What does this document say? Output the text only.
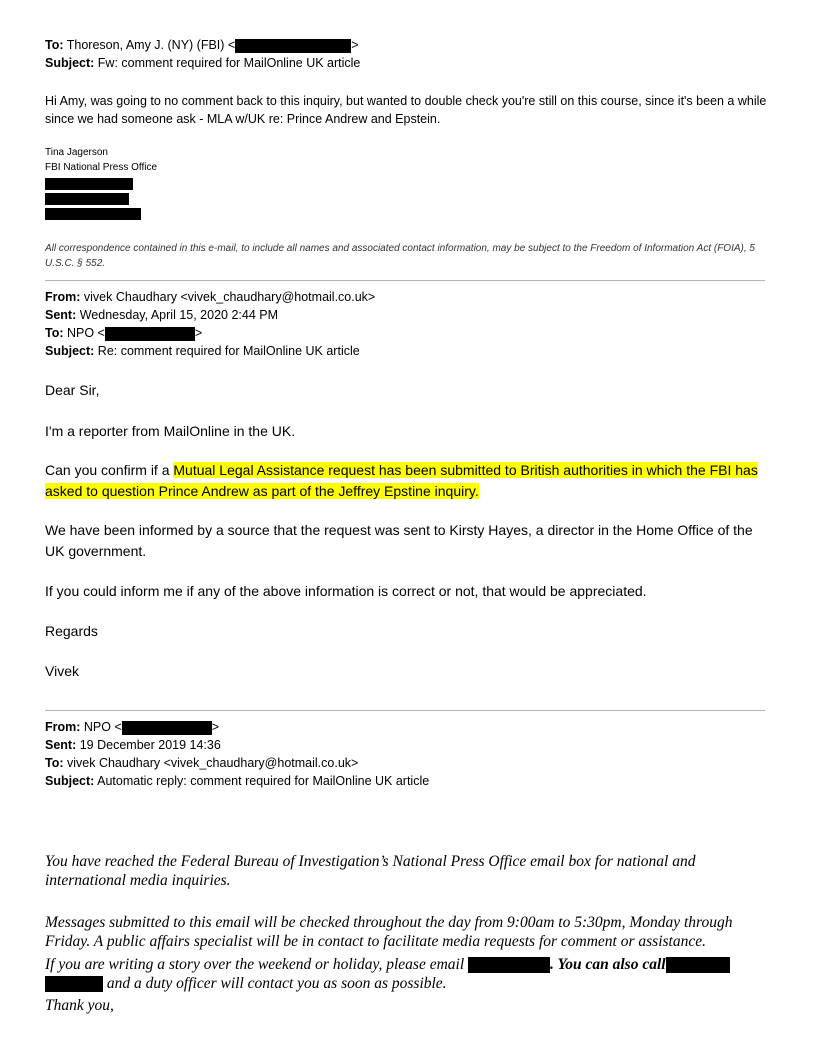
To: Thoreson, Amy J. (NY) (FBI) <	>
Subject: Fw: comment required for MailOnline UK article
Hi Amy, was going to no comment back to this inquiry, but wanted to double check you're still on this course, since it's been a while since we had someone ask - MLA w/UK re: Prince Andrew and Epstein.
Tina Jagerson
FBI National Press Office
All correspondence contained in this e-mail, to include all names and associated contact information, may be subject to the Freedom of Information Act (FOIA), 5 U.S.C. § 552.
From: vivek Chaudhary <vivek_chaudhary@hotmail.co.uk>
Sent: Wednesday, April 15, 2020 2:44 PM
To: NPO <	>
Subject: Re: comment required for MailOnline UK article
Dear Sir,
I'm a reporter from MailOnline in the UK.
Can you confirm if a Mutual Legal Assistance request has been submitted to British authorities in which the FBI has asked to question Prince Andrew as part of the Jeffrey Epstine inquiry.
We have been informed by a source that the request was sent to Kirsty Hayes, a director in the Home Office of the UK government.
If you could inform me if any of the above information is correct or not, that would be appreciated.
Regards
Vivek
From: NPO <	>
Sent: 19 December 2019 14:36
To: vivek Chaudhary <vivek_chaudhary@hotmail.co.uk>
Subject: Automatic reply: comment required for MailOnline UK article
You have reached the Federal Bureau of Investigation’s National Press Office email box for national and international media inquiries.
Messages submitted to this email will be checked throughout the day from 9:00am to 5:30pm, Monday through Friday. A public affairs specialist will be in contact to facilitate media requests for comment or assistance.
If you are writing a story over the weekend or holiday, please email	. You can also call
and a duty officer will contact you as soon as possible.
Thank you,
